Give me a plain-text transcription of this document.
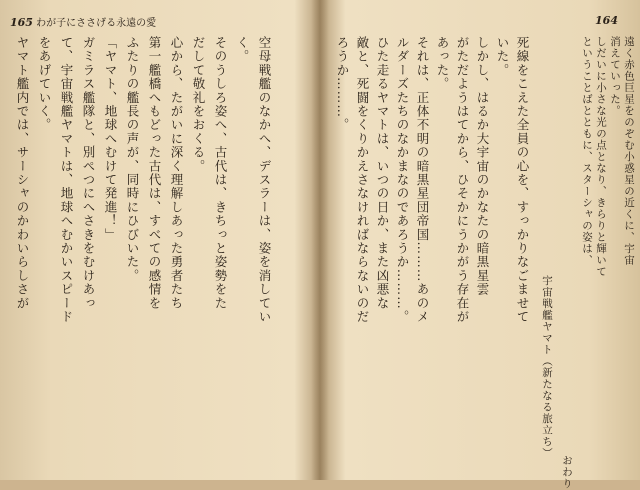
165 わが子にささげる永遠の愛
ヤマト艦内では、サーシャのかわいらしさが をあげていく。 て、宇宙戦艦ヤマトは、地球へむかいスピード ガミラス艦隊と、別ぺつにへさきをむけあっ 「ヤマト、地球へむけて発進！」 ふたりの艦長の声が、同時にひびいた。 第一艦橋へもどった古代は、すべての感情を 心から、たがいに深く理解しあった勇者たち だして敬礼をおくる。 そのうしろ姿へ、古代は、きちっと姿勢をた く。 空母戦艦のなかへ、デスラーは、姿を消してい
164
ろうか………。 敵と、死闘をくりかえさなければならないのだ ひた走るヤマトは、いつの日か、また凶悪な ルダーズたちのなかまなのであろうか………。 それは、正体不明の暗黒星団帝国………あのメ あった。 がただようはてから、ひそかにうかがう存在が しかし、はるか大宇宙のかなたの暗黒星雲 いた。 死線をこえた全員の心を、すっかりなごませて
宇宙戦艦ヤマト（新たなる旅立ち）
おわり
ということばとともに、スターシャの姿は、 しだいに小さな光の点となり、きらりと輝いて 消えていった。 遠く赤色巨星をのぞむ小惑星の近くに、宇宙
